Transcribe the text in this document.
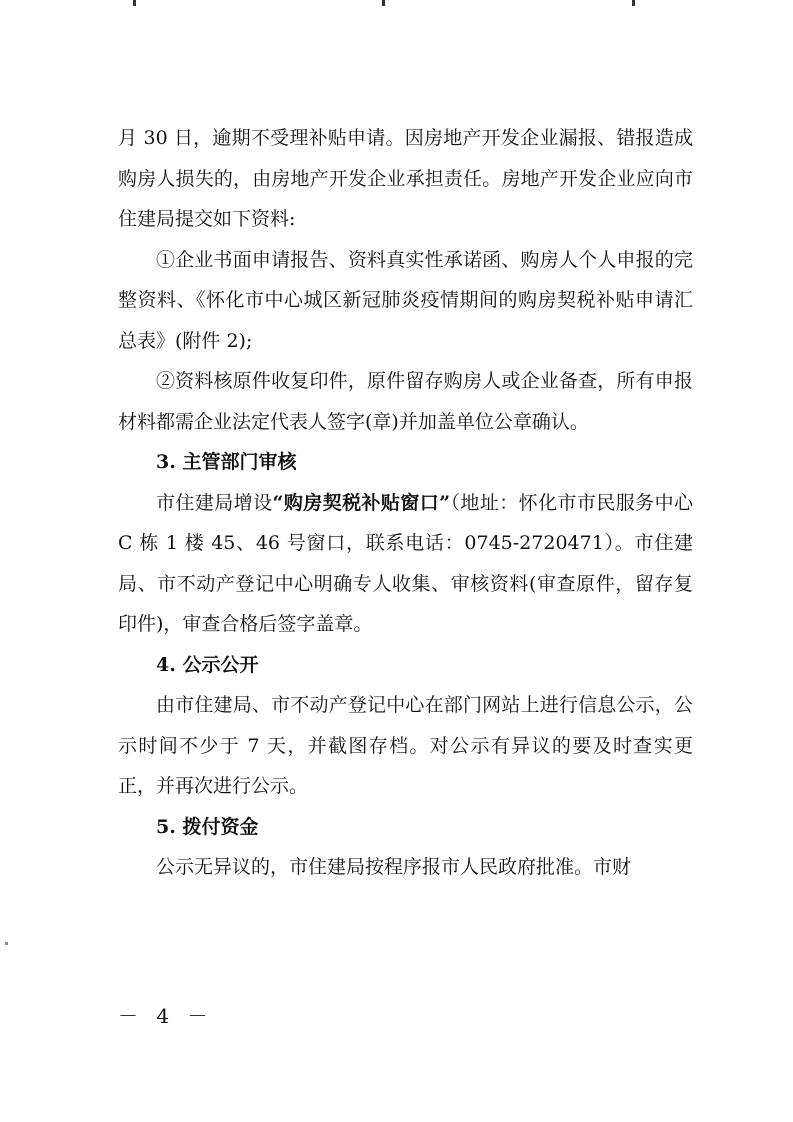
月 30 日，逾期不受理补贴申请。因房地产开发企业漏报、错报造成购房人损失的，由房地产开发企业承担责任。房地产开发企业应向市住建局提交如下资料:

①企业书面申请报告、资料真实性承诺函、购房人个人申报的完整资料、《怀化市中心城区新冠肺炎疫情期间的购房契税补贴申请汇总表》(附件 2);

②资料核原件收复印件，原件留存购房人或企业备查，所有申报材料都需企业法定代表人签字(章)并加盖单位公章确认。

3. 主管部门审核

市住建局增设“购房契税补贴窗口”（地址：怀化市市民服务中心 C 栋 1 楼 45、46 号窗口，联系电话：0745-2720471）。市住建局、市不动产登记中心明确专人收集、审核资料(审查原件，留存复印件)，审查合格后签字盖章。

4. 公示公开

由市住建局、市不动产登记中心在部门网站上进行信息公示，公示时间不少于 7 天，并截图存档。对公示有异议的要及时查实更正，并再次进行公示。

5. 拨付资金

公示无异议的，市住建局按程序报市人民政府批准。市财

－ 4 －
